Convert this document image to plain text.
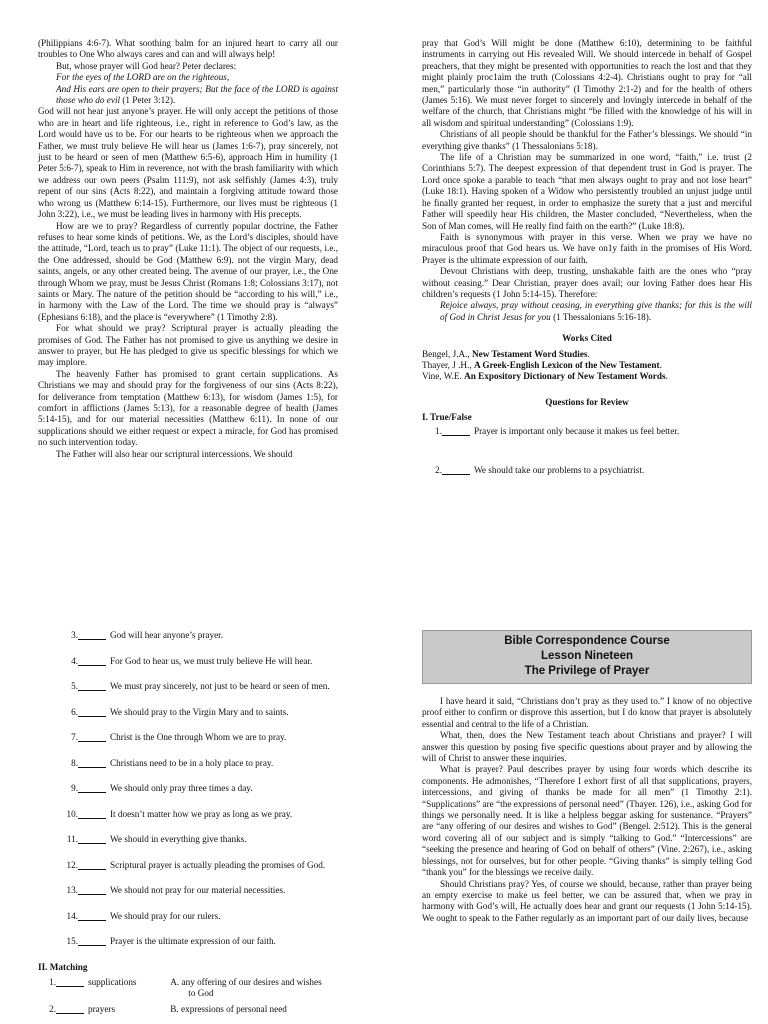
(Philippians 4:6-7). What soothing balm for an injured heart to carry all our troubles to One Who always cares and can and will always help!

But, whose prayer will God hear? Peter declares:

For the eyes of the LORD are on the righteous,

And His ears are open to their prayers; But the face of the LORD is against those who do evil (1 Peter 3:12).

God will not hear just anyone’s prayer. He will only accept the petitions of those who are in heart and life righteous, i.e., right in reference to God’s law, as the Lord would have us to be. For our hearts to be righteous when we approach the Father, we must truly believe He will hear us (James 1:6-7), pray sincerely, not just to be heard or seen of men (Matthew 6:5-6), approach Him in humility (1 Peter 5:6-7), speak to Him in reverence, not with the brash familiarity with which we address our own peers (Psalm 111:9), not ask selfishly (James 4:3), truly repent of our sins (Acts 8:22), and maintain a forgiving attitude toward those who wrong us (Matthew 6:14-15). Furthermore, our lives must be righteous (1 John 3:22), i.e., we must be leading lives in harmony with His precepts.

How are we to pray? Regardless of currently popular doctrine, the Father refuses to hear some kinds of petitions. We, as the Lord’s disciples, should have the attitude, “Lord, teach us to pray” (Luke 11:1). The object of our requests, i.e., the One addressed, should be God (Matthew 6:9). not the virgin Mary, dead saints, angels, or any other created being. The avenue of our prayer, i.e., the One through Whom we pray, must be Jesus Christ (Romans 1:8; Colossians 3:17), not saints or Mary. The nature of the petition should be “according to his will,” i.e., in harmony with the Law of the Lord. The time we should pray is “always” (Ephesians 6:18), and the place is “everywhere” (1 Timothy 2:8).

For what should we pray? Scriptural prayer is actually pleading the promises of God. The Father has not promised to give us anything we desire in answer to prayer, but He has pledged to give us specific blessings for which we may implore.

The heavenly Father has promised to grant certain supplications. As Christians we may and should pray for the forgiveness of our sins (Acts 8:22), for deliverance from temptation (Matthew 6:13), for wisdom (James 1:5), for comfort in afflictions (James 5:13), for a reasonable degree of health (James 5:14-15), and for our material necessities (Matthew 6:11). In none of our supplications should we either request or expect a miracle, for God has promised no such intervention today.

The Father will also hear our scriptural intercessions. We should

pray that God’s Will might be done (Matthew 6:10), determining to be faithful instruments in carrying out His revealed Will. We should intercede in behalf of Gospel preachers, that they might be presented with opportunities to reach the lost and that they might plainly proc1aim the truth (Colossians 4:2-4). Christians ought to pray for “all men,” particularly those “in authority” (I Timothy 2:1-2) and for the health of others (James 5:16). We must never forget to sincerely and lovingly intercede in behalf of the welfare of the church, that Christians might “be filled with the knowledge of his will in all wisdom and spiritual understanding” (Colossians 1:9).

Christians of all people should be thankful for the Father’s blessings. We should “in everything give thanks” (1 Thessalonians 5:18).

The life of a Christian may be summarized in one word, “faith,” i.e. trust (2 Corinthians 5:7). The deepest expression of that dependent trust in God is prayer. The Lord once spoke a parable to teach “that men always ought to pray and not lose heart” (Luke 18:1). Having spoken of a Widow who persistently troubled an unjust judge until he finally granted her request, in order to emphasize the surety that a just and merciful Father will speedily hear His children, the Master concluded, “Nevertheless, when the Son of Man comes, will He really find faith on the earth?” (Luke 18:8).

Faith is synonymous with prayer in this verse. When we pray we have no miraculous proof that God hears us. We have on1y faith in the promises of His Word. Prayer is the ultimate expression of our faith.

Devout Christians with deep, trusting, unshakable faith are the ones who “pray without ceasing.” Dear Christian, prayer does avail; our loving Father does hear His children’s requests (1 John 5:14-15). Therefore:

Rejoice always, pray without ceasing, in everything give thanks; for this is the will of God in Christ Jesus for you (1 Thessalonians 5:16-18).

Works Cited
Bengel, J.A., New Testament Word Studies.
Thayer, J .H., A Greek-English Lexicon of the New Testament.
Vine, W.E. An Expository Dictionary of New Testament Words.
Questions for Review
I. True/False
1.	Prayer is important only because it makes us feel better.
2.	We should take our problems to a psychiatrist.
3.	God will hear anyone’s prayer.
4.	For God to hear us, we must truly believe He will hear.
5.	We must pray sincerely, not just to be heard or seen of men.
6.	We should pray to the Virgin Mary and to saints.
7.	Christ is the One through Whom we are to pray.
8.	Christians need to be in a holy place to pray.
9.	We should only pray three times a day.
10.	It doesn’t matter how we pray as long as we pray.
11.	We should in everything give thanks.
12.	Scriptural prayer is actually pleading the promises of God.
13.	We should not pray for our material necessities.
14.	We should pray for our rulers.
15.	Prayer is the ultimate expression of our faith.
II. Matching
1.	supplications	A. any offering of our desires and wishes
to God
2.	prayers	B. expressions of personal need
Bible Correspondence Course
Lesson Nineteen
The Privilege of Prayer

I have heard it said, “Christians don’t pray as they used to.” I know of no objective proof either to confirm or disprove this assertion, but I do know that prayer is absolutely essential and central to the life of a Christian.

What, then, does the New Testament teach about Christians and prayer? I will answer this question by posing five specific questions about prayer and by allowing the will of Christ to answer these inquiries.

What is prayer? Paul describes prayer by using four words which describe its components. He admonishes, “Therefore I exhort first of all that supplications, prayers, intercessions, and giving of thanks be made for all men” (1 Timothy 2:1). “Supplications” are “the expressions of personal need” (Thayer. 126), i.e., asking God for things we personally need. It is like a helpless beggar asking for sustenance. “Prayers” are “any offering of our desires and wishes to God” (Bengel. 2:512). This is the general word covering all of our subject and is simply “talking to God.” “Intercessions” are “seeking the presence and hearing of God on behalf of others” (Vine. 2:267), i.e., asking blessings, not for ourselves, but for other people. “Giving thanks” is simply telling God “thank you” for the blessings we receive daily.

Should Christians pray? Yes, of course we should, because, rather than prayer being an empty exercise to make us feel better, we can be assured that, when we pray in harmony with God’s will, He actually does hear and grant our requests (1 John 5:14-15). We ought to speak to the Father regularly as an important part of our daily lives, because
